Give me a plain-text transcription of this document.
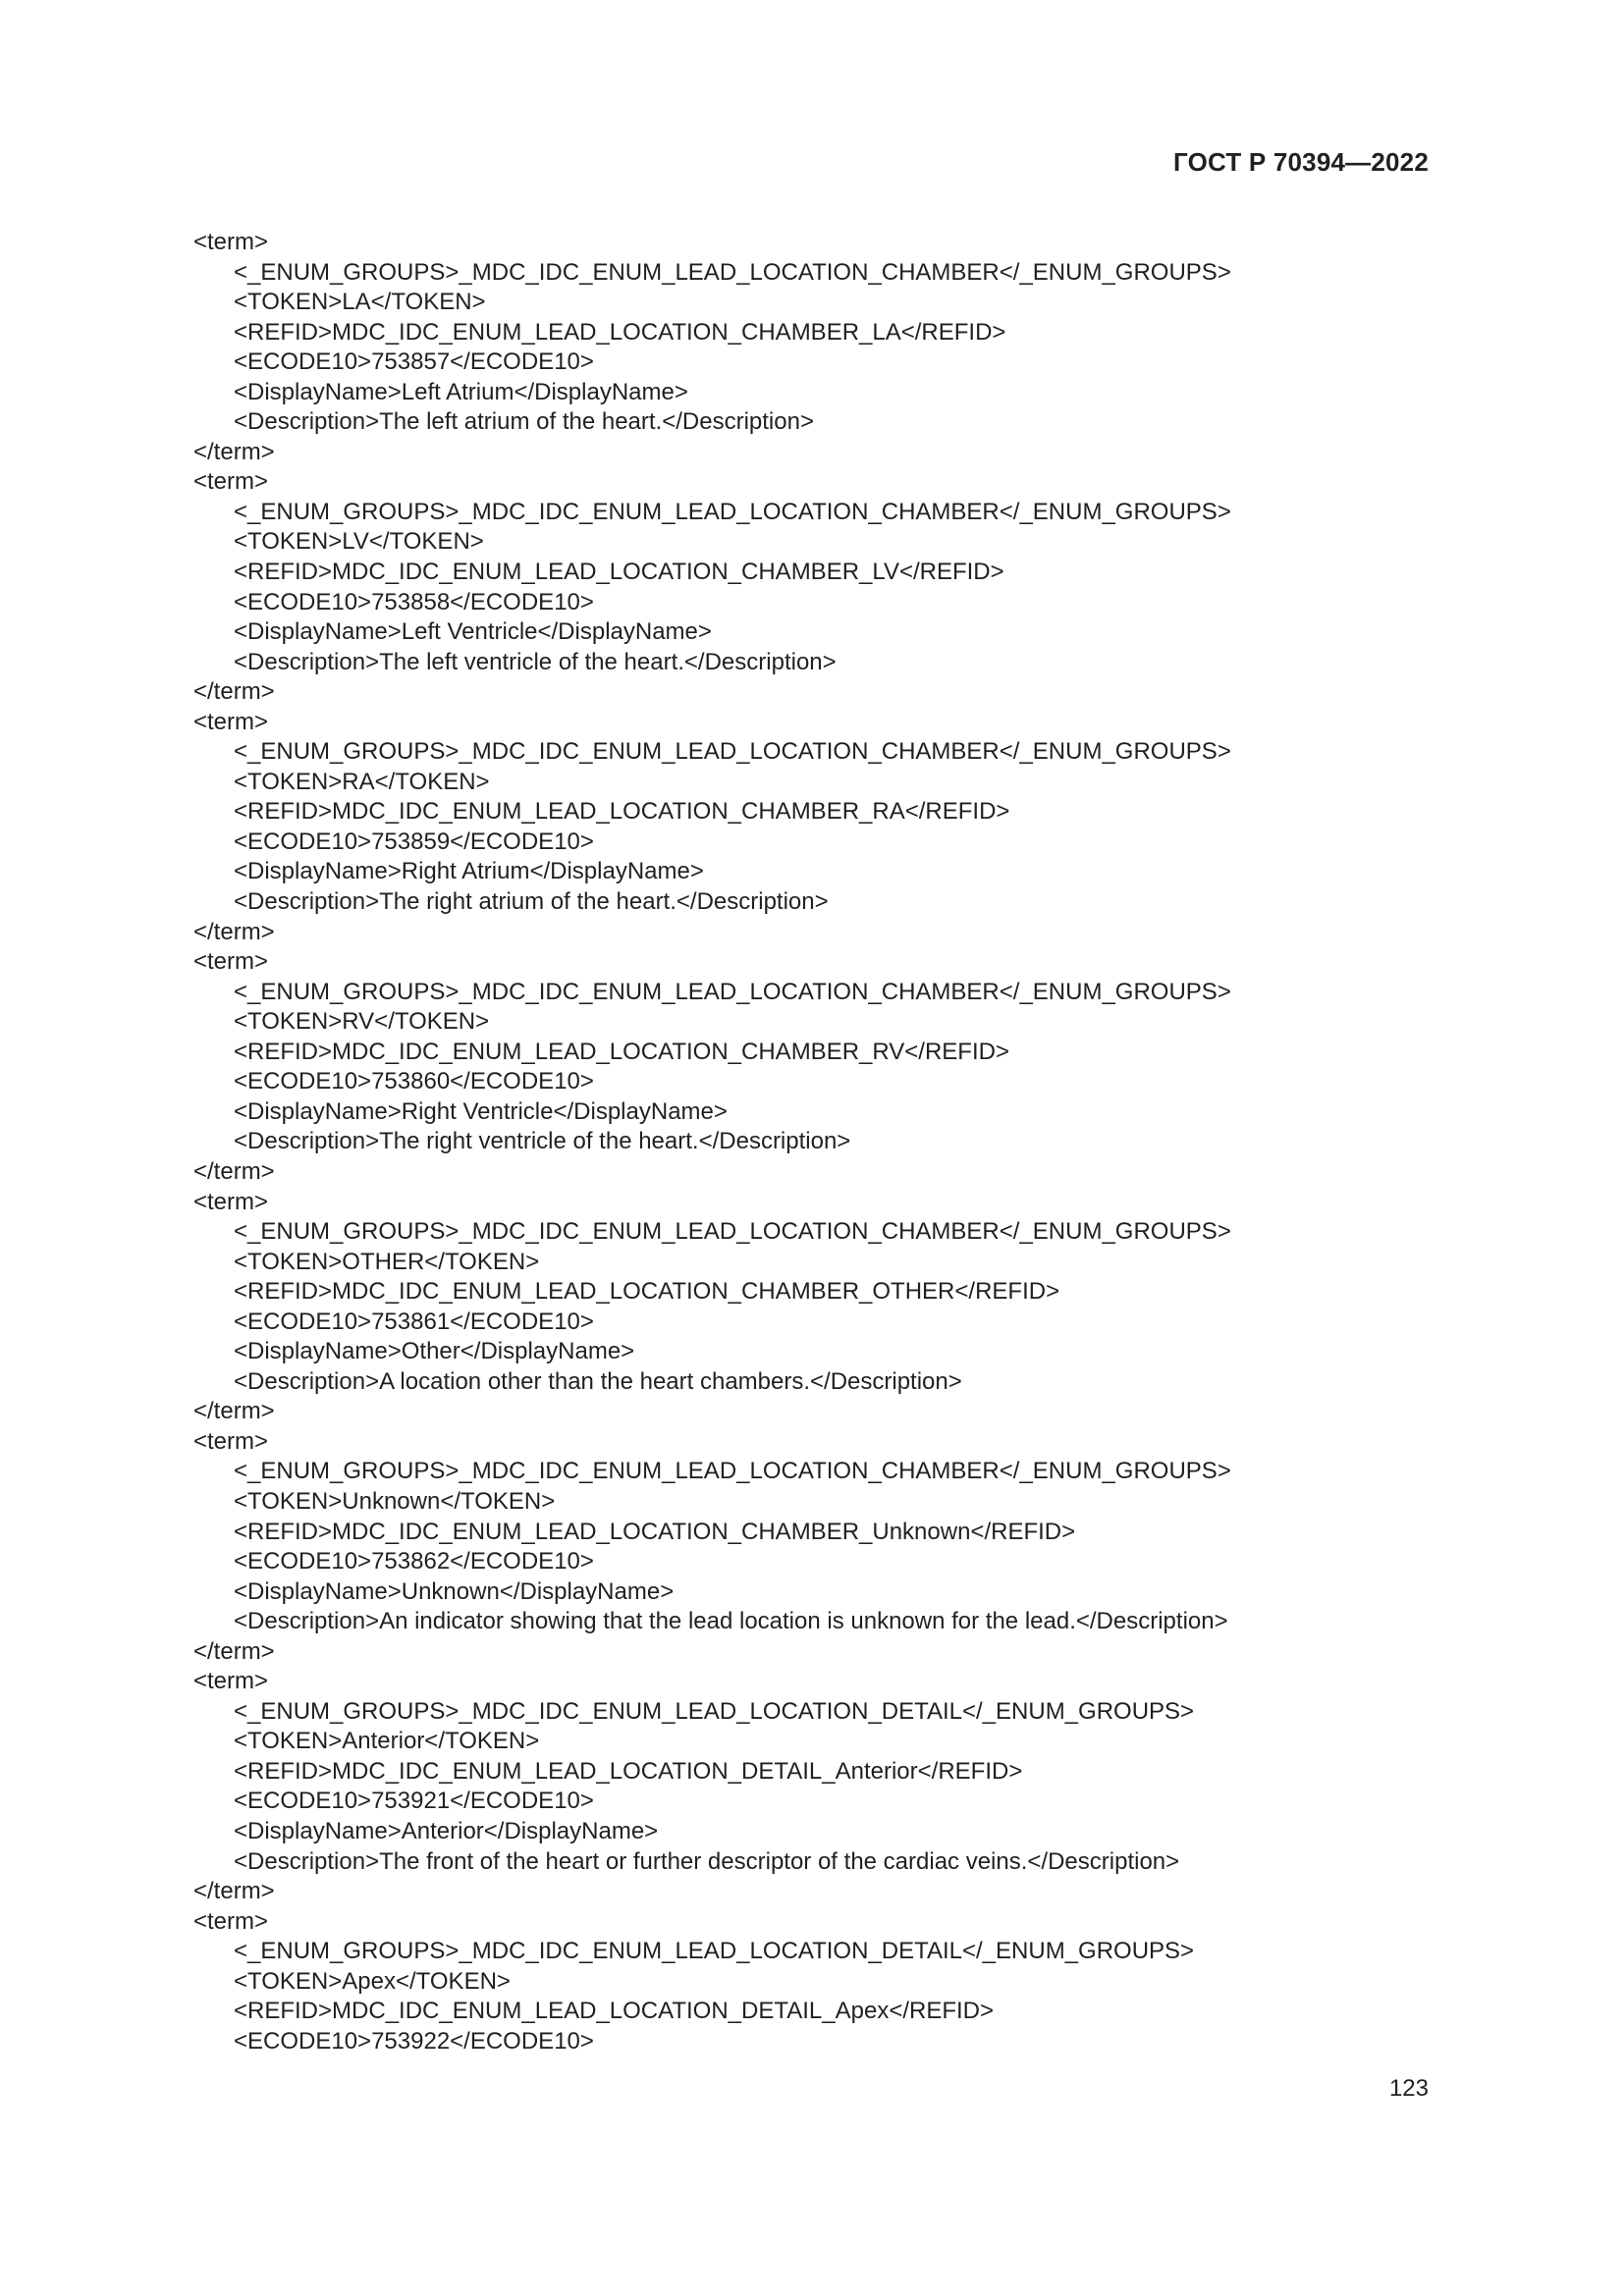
ГОСТ Р 70394—2022
<term>
<_ENUM_GROUPS>_MDC_IDC_ENUM_LEAD_LOCATION_CHAMBER</_ENUM_GROUPS>
<TOKEN>LA</TOKEN>
<REFID>MDC_IDC_ENUM_LEAD_LOCATION_CHAMBER_LA</REFID>
<ECODE10>753857</ECODE10>
<DisplayName>Left Atrium</DisplayName>
<Description>The left atrium of the heart.</Description>
</term>
<term>
<_ENUM_GROUPS>_MDC_IDC_ENUM_LEAD_LOCATION_CHAMBER</_ENUM_GROUPS>
<TOKEN>LV</TOKEN>
<REFID>MDC_IDC_ENUM_LEAD_LOCATION_CHAMBER_LV</REFID>
<ECODE10>753858</ECODE10>
<DisplayName>Left Ventricle</DisplayName>
<Description>The left ventricle of the heart.</Description>
</term>
<term>
<_ENUM_GROUPS>_MDC_IDC_ENUM_LEAD_LOCATION_CHAMBER</_ENUM_GROUPS>
<TOKEN>RA</TOKEN>
<REFID>MDC_IDC_ENUM_LEAD_LOCATION_CHAMBER_RA</REFID>
<ECODE10>753859</ECODE10>
<DisplayName>Right Atrium</DisplayName>
<Description>The right atrium of the heart.</Description>
</term>
<term>
<_ENUM_GROUPS>_MDC_IDC_ENUM_LEAD_LOCATION_CHAMBER</_ENUM_GROUPS>
<TOKEN>RV</TOKEN>
<REFID>MDC_IDC_ENUM_LEAD_LOCATION_CHAMBER_RV</REFID>
<ECODE10>753860</ECODE10>
<DisplayName>Right Ventricle</DisplayName>
<Description>The right ventricle of the heart.</Description>
</term>
<term>
<_ENUM_GROUPS>_MDC_IDC_ENUM_LEAD_LOCATION_CHAMBER</_ENUM_GROUPS>
<TOKEN>OTHER</TOKEN>
<REFID>MDC_IDC_ENUM_LEAD_LOCATION_CHAMBER_OTHER</REFID>
<ECODE10>753861</ECODE10>
<DisplayName>Other</DisplayName>
<Description>A location other than the heart chambers.</Description>
</term>
<term>
<_ENUM_GROUPS>_MDC_IDC_ENUM_LEAD_LOCATION_CHAMBER</_ENUM_GROUPS>
<TOKEN>Unknown</TOKEN>
<REFID>MDC_IDC_ENUM_LEAD_LOCATION_CHAMBER_Unknown</REFID>
<ECODE10>753862</ECODE10>
<DisplayName>Unknown</DisplayName>
<Description>An indicator showing that the lead location is unknown for the lead.</Description>
</term>
<term>
<_ENUM_GROUPS>_MDC_IDC_ENUM_LEAD_LOCATION_DETAIL</_ENUM_GROUPS>
<TOKEN>Anterior</TOKEN>
<REFID>MDC_IDC_ENUM_LEAD_LOCATION_DETAIL_Anterior</REFID>
<ECODE10>753921</ECODE10>
<DisplayName>Anterior</DisplayName>
<Description>The front of the heart or further descriptor of the cardiac veins.</Description>
</term>
<term>
<_ENUM_GROUPS>_MDC_IDC_ENUM_LEAD_LOCATION_DETAIL</_ENUM_GROUPS>
<TOKEN>Apex</TOKEN>
<REFID>MDC_IDC_ENUM_LEAD_LOCATION_DETAIL_Apex</REFID>
<ECODE10>753922</ECODE10>
123
